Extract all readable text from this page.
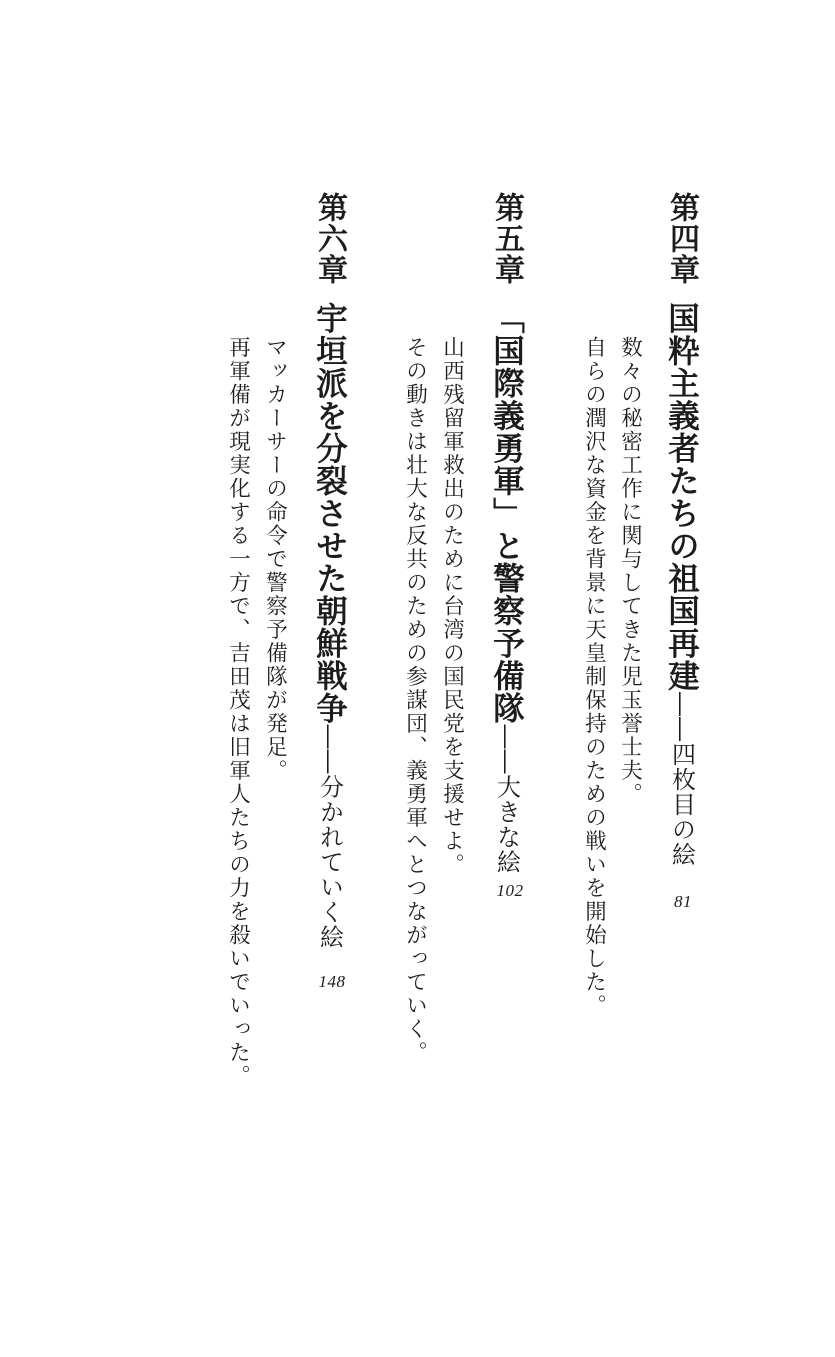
第四章
国粋主義者たちの祖国再建――四枚目の絵
81
数々の秘密工作に関与してきた児玉誉士夫。
自らの潤沢な資金を背景に天皇制保持のための戦いを開始した。
第五章
「国際義勇軍」と警察予備隊――大きな絵
102
山西残留軍救出のために台湾の国民党を支援せよ。
その動きは壮大な反共のための参謀団、義勇軍へとつながっていく。
第六章
宇垣派を分裂させた朝鮮戦争――分かれていく絵
148
マッカーサーの命令で警察予備隊が発足。
再軍備が現実化する一方で、吉田茂は旧軍人たちの力を殺いでいった。
